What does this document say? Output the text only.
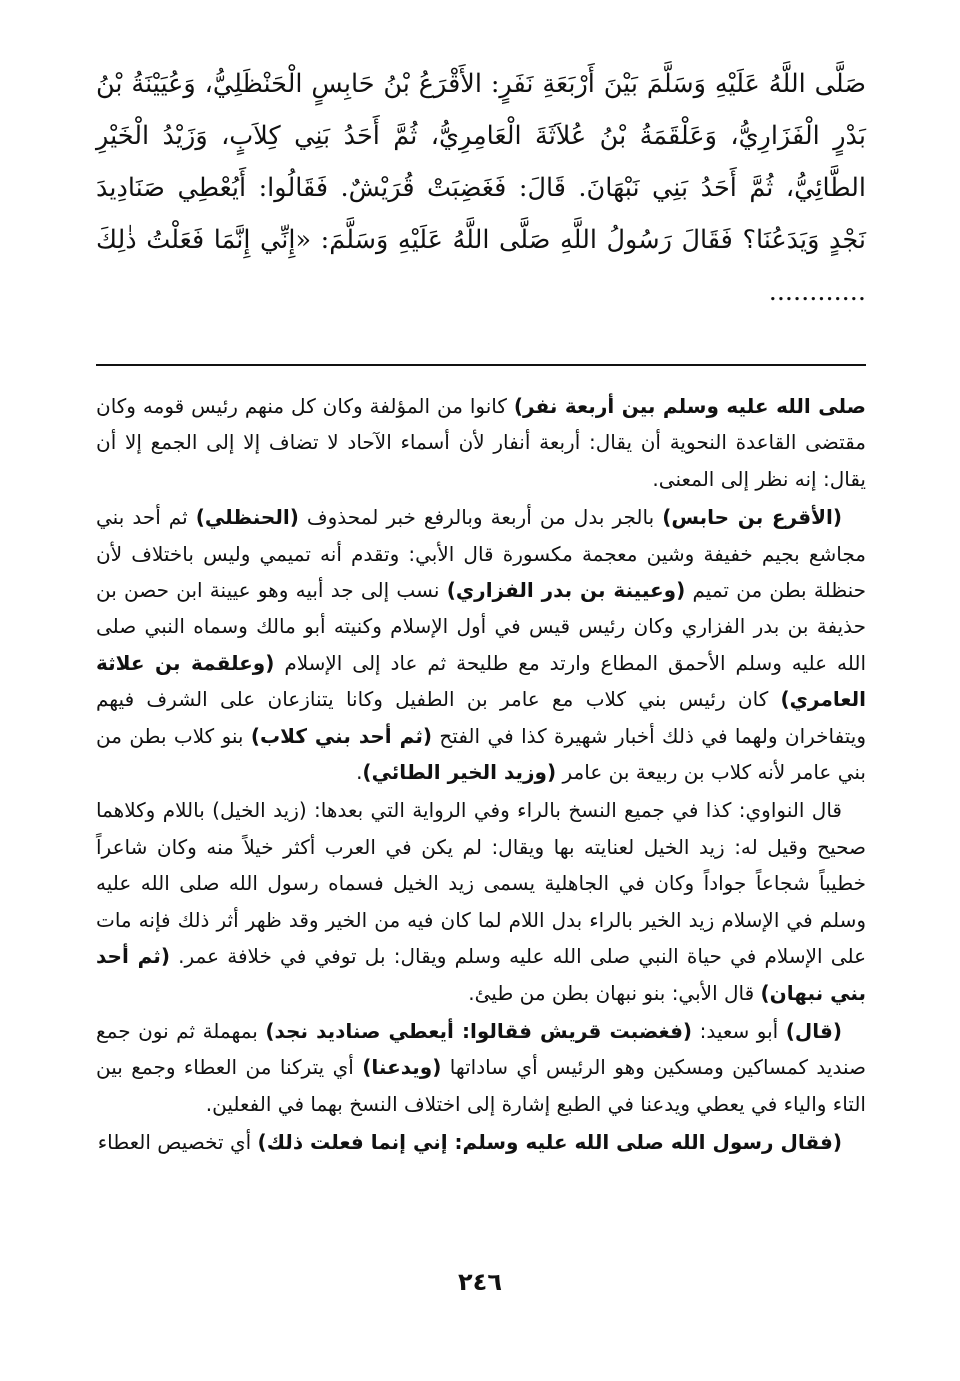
صَلَّى اللَّهُ عَلَيْهِ وَسَلَّمَ بَيْنَ أَرْبَعَةِ نَفَرٍ: الأَقْرَعُ بْنُ حَابِسٍ الْحَنْظَلِيُّ، وَعُيَيْنَةُ بْنُ بَدْرٍ الْفَزَارِيُّ، وَعَلْقَمَةُ بْنُ عُلاَثَةَ الْعَامِرِيُّ، ثُمَّ أَحَدُ بَنِي كِلاَبٍ، وَزَيْدُ الْخَيْرِ الطَّائِيُّ، ثُمَّ أَحَدُ بَنِي نَبْهَانَ. قَالَ: فَغَضِبَتْ قُرَيْشٌ. فَقَالُوا: أَيُعْطِي صَنَادِيدَ نَجْدٍ وَيَدَعُنَا؟ فَقَالَ رَسُولُ اللَّهِ صَلَّى اللَّهُ عَلَيْهِ وَسَلَّمَ: «إِنِّي إِنَّمَا فَعَلْتُ ذٰلِكَ ............

صلى الله عليه وسلم بين أربعة نفر) كانوا من المؤلفة وكان كل منهم رئيس قومه وكان مقتضى القاعدة النحوية أن يقال: أربعة أنفار لأن أسماء الآحاد لا تضاف إلا إلى الجمع إلا أن يقال: إنه نظر إلى المعنى.

(الأقرع بن حابس) بالجر بدل من أربعة وبالرفع خبر لمحذوف (الحنظلي) ثم أحد بني مجاشع بجيم خفيفة وشين معجمة مكسورة قال الأبي: وتقدم أنه تميمي وليس باختلاف لأن حنظلة بطن من تميم (وعيينة بن بدر الفزاري) نسب إلى جد أبيه وهو عيينة ابن حصن بن حذيفة بن بدر الفزاري وكان رئيس قيس في أول الإسلام وكنيته أبو مالك وسماه النبي صلى الله عليه وسلم الأحمق المطاع وارتد مع طليحة ثم عاد إلى الإسلام (وعلقمة بن علاثة العامري) كان رئيس بني كلاب مع عامر بن الطفيل وكانا يتنازعان على الشرف فيهم ويتفاخران ولهما في ذلك أخبار شهيرة كذا في الفتح (ثم أحد بني كلاب) بنو كلاب بطن من بني عامر لأنه كلاب بن ربيعة بن عامر (وزيد الخير الطائي).

قال النواوي: كذا في جميع النسخ بالراء وفي الرواية التي بعدها: (زيد الخيل) باللام وكلاهما صحيح وقيل له: زيد الخيل لعنايته بها ويقال: لم يكن في العرب أكثر خيلاً منه وكان شاعراً خطيباً شجاعاً جواداً وكان في الجاهلية يسمى زيد الخيل فسماه رسول الله صلى الله عليه وسلم في الإسلام زيد الخير بالراء بدل اللام لما كان فيه من الخير وقد ظهر أثر ذلك فإنه مات على الإسلام في حياة النبي صلى الله عليه وسلم ويقال: بل توفي في خلافة عمر. (ثم أحد بني نبهان) قال الأبي: بنو نبهان بطن من طيئ.

(قال) أبو سعيد: (فغضبت قريش فقالوا: أيعطي صناديد نجد) بمهملة ثم نون جمع صنديد كمساكين ومسكين وهو الرئيس أي ساداتها (ويدعنا) أي يتركنا من العطاء وجمع بين التاء والياء في يعطي ويدعنا في الطبع إشارة إلى اختلاف النسخ بهما في الفعلين.

(فقال رسول الله صلى الله عليه وسلم: إني إنما فعلت ذلك) أي تخصيص العطاء

٢٤٦
